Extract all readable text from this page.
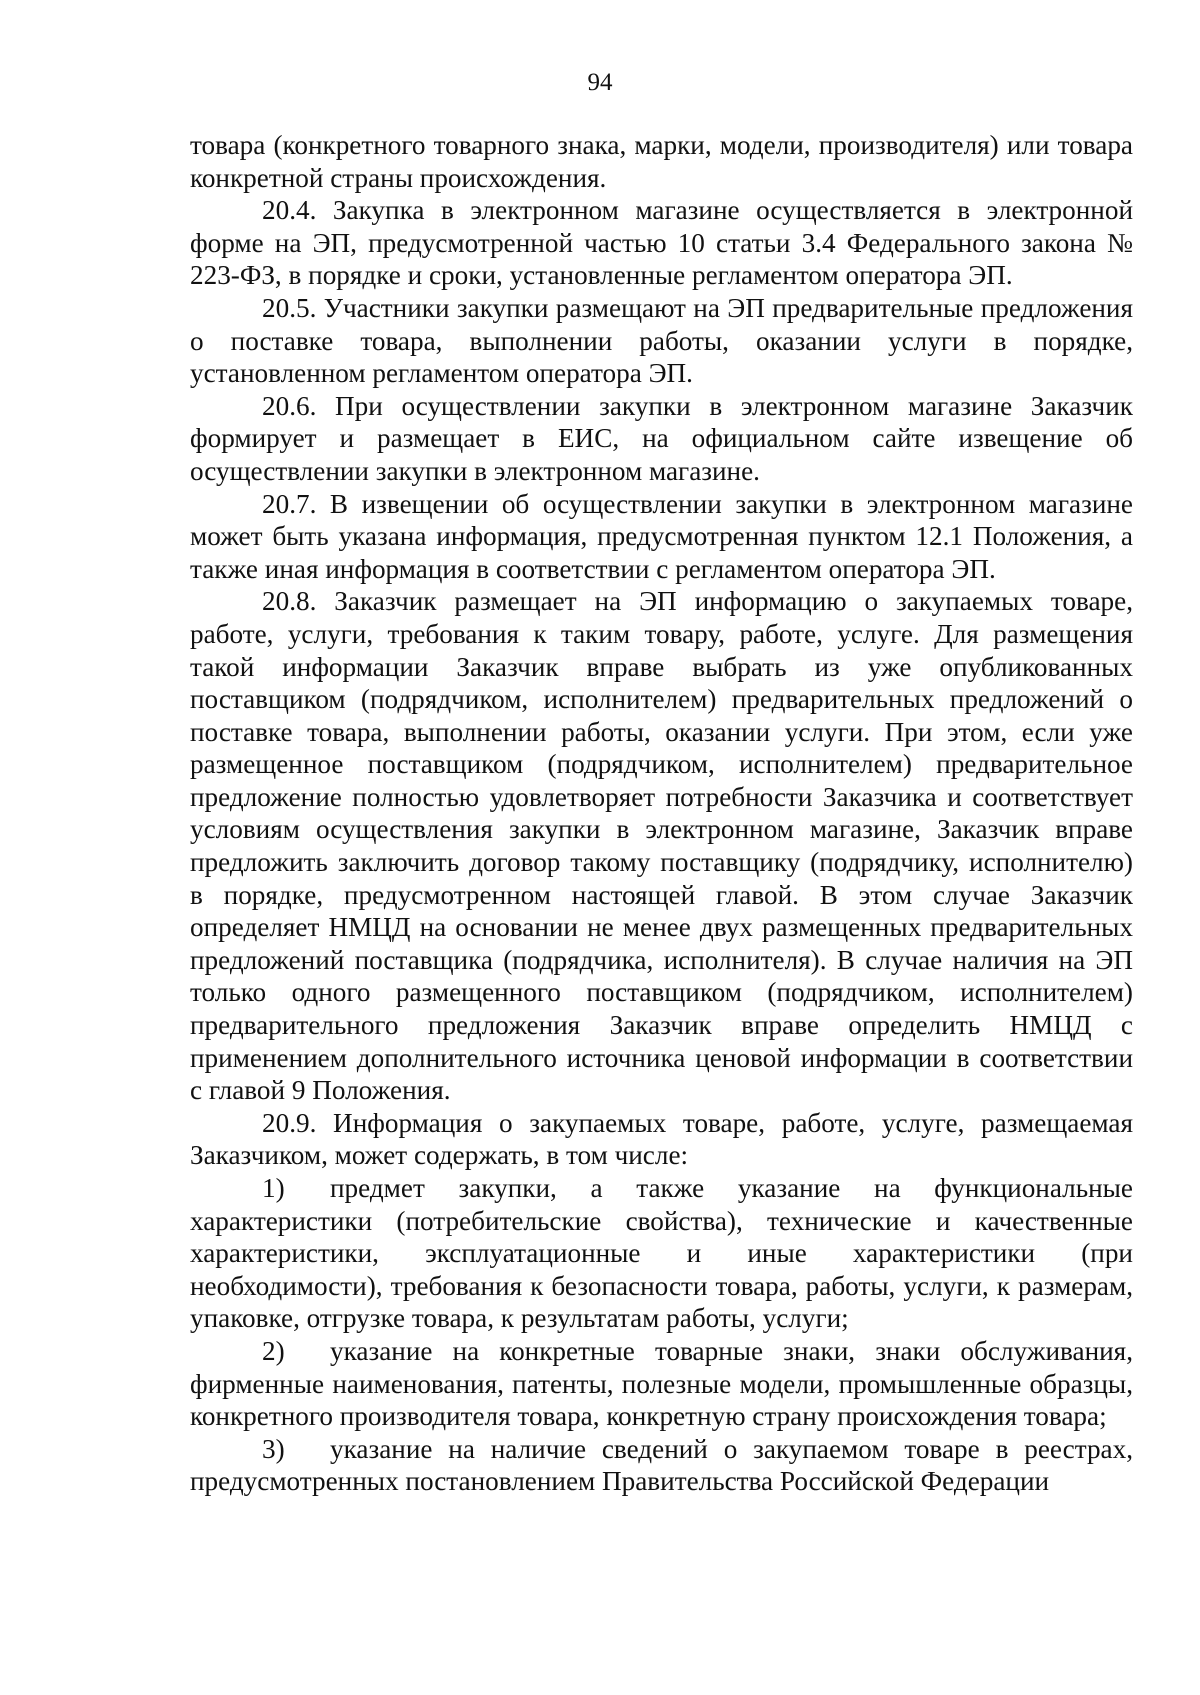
94

товара (конкретного товарного знака, марки, модели, производителя) или товара конкретной страны происхождения.

20.4. Закупка в электронном магазине осуществляется в электронной форме на ЭП, предусмотренной частью 10 статьи 3.4 Федерального закона № 223-ФЗ, в порядке и сроки, установленные регламентом оператора ЭП.

20.5. Участники закупки размещают на ЭП предварительные предложения о поставке товара, выполнении работы, оказании услуги в порядке, установленном регламентом оператора ЭП.

20.6. При осуществлении закупки в электронном магазине Заказчик формирует и размещает в ЕИС, на официальном сайте извещение об осуществлении закупки в электронном магазине.

20.7. В извещении об осуществлении закупки в электронном магазине может быть указана информация, предусмотренная пунктом 12.1 Положения, а также иная информация в соответствии с регламентом оператора ЭП.

20.8. Заказчик размещает на ЭП информацию о закупаемых товаре, работе, услуги, требования к таким товару, работе, услуге. Для размещения такой информации Заказчик вправе выбрать из уже опубликованных поставщиком (подрядчиком, исполнителем) предварительных предложений о поставке товара, выполнении работы, оказании услуги. При этом, если уже размещенное поставщиком (подрядчиком, исполнителем) предварительное предложение полностью удовлетворяет потребности Заказчика и соответствует условиям осуществления закупки в электронном магазине, Заказчик вправе предложить заключить договор такому поставщику (подрядчику, исполнителю) в порядке, предусмотренном настоящей главой. В этом случае Заказчик определяет НМЦД на основании не менее двух размещенных предварительных предложений поставщика (подрядчика, исполнителя). В случае наличия на ЭП только одного размещенного поставщиком (подрядчиком, исполнителем) предварительного предложения Заказчик вправе определить НМЦД с применением дополнительного источника ценовой информации в соответствии с главой 9 Положения.

20.9. Информация о закупаемых товаре, работе, услуге, размещаемая Заказчиком, может содержать, в том числе:

1) предмет закупки, а также указание на функциональные характеристики (потребительские свойства), технические и качественные характеристики, эксплуатационные и иные характеристики (при необходимости), требования к безопасности товара, работы, услуги, к размерам, упаковке, отгрузке товара, к результатам работы, услуги;

2) указание на конкретные товарные знаки, знаки обслуживания, фирменные наименования, патенты, полезные модели, промышленные образцы, конкретного производителя товара, конкретную страну происхождения товара;

3) указание на наличие сведений о закупаемом товаре в реестрах, предусмотренных постановлением Правительства Российской Федерации
